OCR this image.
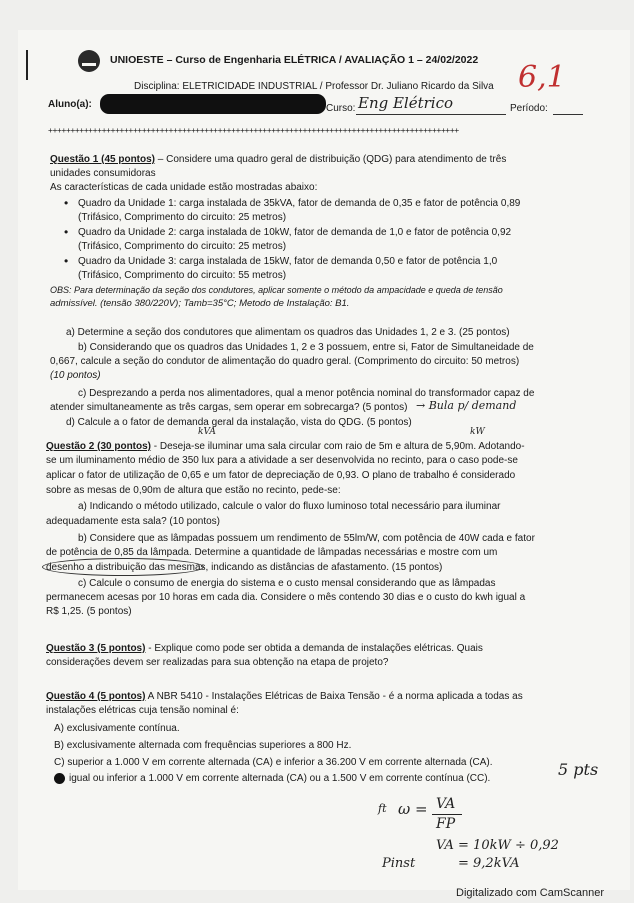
UNIOESTE – Curso de Engenharia ELÉTRICA / AVALIAÇÃO 1 – 24/02/2022
Disciplina: ELETRICIDADE INDUSTRIAL / Professor Dr. Juliano Ricardo da Silva 6,1
Aluno(a):	Curso: Eng Elétrico	Período:
++++++++++++++++++++++++++++++++++++++++++++++++++++++++++++++++++++++++++++++++++++++++++++
Questão 1 (45 pontos) – Considere uma quadro geral de distribuição (QDG) para atendimento de três
unidades consumidoras
As características de cada unidade estão mostradas abaixo:
• Quadro da Unidade 1: carga instalada de 35kVA, fator de demanda de 0,35 e fator de potência 0,89
(Trifásico, Comprimento do circuito: 25 metros)
• Quadro da Unidade 2: carga instalada de 10kW, fator de demanda de 1,0 e fator de potência 0,92
(Trifásico, Comprimento do circuito: 25 metros)
• Quadro da Unidade 3: carga instalada de 15kW, fator de demanda 0,50 e fator de potência 1,0
(Trifásico, Comprimento do circuito: 55 metros)
OBS: Para determinação da seção dos condutores, aplicar somente o método da ampacidade e queda de tensão
admissível. (tensão 380/220V); Tamb=35°C; Metodo de Instalação: B1.
a) Determine a seção dos condutores que alimentam os quadros das Unidades 1, 2 e 3. (25 pontos)
b) Considerando que os quadros das Unidades 1, 2 e 3 possuem, entre si, Fator de Simultaneidade de
0,667, calcule a seção do condutor de alimentação do quadro geral. (Comprimento do circuito: 50 metros)
(10 pontos)
c) Desprezando a perda nos alimentadores, qual a menor potência nominal do transformador capaz de
atender simultaneamente as três cargas, sem operar em sobrecarga? (5 pontos) → Bula p/ demand
d) Calcule a o fator de demanda geral da instalação, vista do QDG. (5 pontos)
kVA	kW
Questão 2 (30 pontos) - Deseja-se iluminar uma sala circular com raio de 5m e altura de 5,90m. Adotando-
se um iluminamento médio de 350 lux para a atividade a ser desenvolvida no recinto, para o caso pode-se
aplicar o fator de utilização de 0,65 e um fator de depreciação de 0,93. O plano de trabalho é considerado
sobre as mesas de 0,90m de altura que estão no recinto, pede-se:
a) Indicando o método utilizado, calcule o valor do fluxo luminoso total necessário para iluminar
adequadamente esta sala? (10 pontos)
b) Considere que as lâmpadas possuem um rendimento de 55lm/W, com potência de 40W cada e fator
de potência de 0,85 da lâmpada. Determine a quantidade de lâmpadas necessárias e mostre com um
desenho a distribuição das mesmas, indicando as distâncias de afastamento. (15 pontos)
c) Calcule o consumo de energia do sistema e o custo mensal considerando que as lâmpadas
permanecem acesas por 10 horas em cada dia. Considere o mês contendo 30 dias e o custo do kwh igual a
R$ 1,25. (5 pontos)
Questão 3 (5 pontos) - Explique como pode ser obtida a demanda de instalações elétricas. Quais
considerações devem ser realizadas para sua obtenção na etapa de projeto?
Questão 4 (5 pontos) A NBR 5410 - Instalações Elétricas de Baixa Tensão - é a norma aplicada a todas as
instalações elétricas cuja tensão nominal é:
A) exclusivamente contínua.
B) exclusivamente alternada com frequências superiores a 800 Hz.
C) superior a 1.000 V em corrente alternada (CA) e inferior a 36.200 V em corrente alternada (CA).
igual ou inferior a 1.000 V em corrente alternada (CA) ou a 1.500 V em corrente contínua (CC).	5 pts
ω = VA
FP
ft
Pinst
VA = 10kW ÷ 0,92
= 9,2kVA
Digitalizado com CamScanner
